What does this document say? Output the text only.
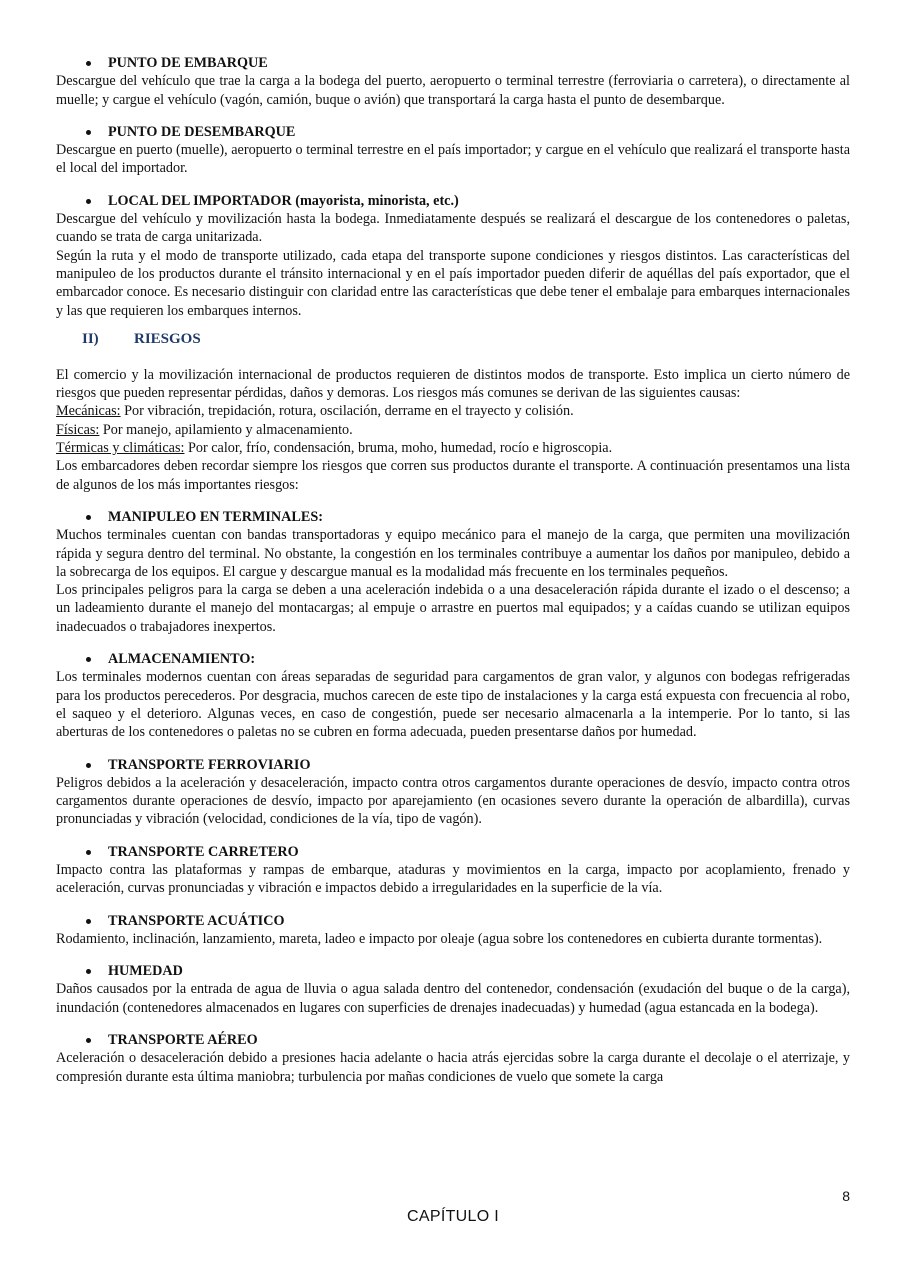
PUNTO DE EMBARQUE

Descargue del vehículo que trae la carga a la bodega del puerto, aeropuerto o terminal terrestre (ferroviaria o carretera), o directamente al muelle; y cargue el vehículo (vagón, camión, buque o avión) que transportará la carga hasta el punto de desembarque.

PUNTO DE DESEMBARQUE

Descargue en puerto (muelle), aeropuerto o terminal terrestre en el país importador; y cargue en el vehículo que realizará el transporte hasta el local del importador.

LOCAL DEL IMPORTADOR (mayorista, minorista, etc.)

Descargue del vehículo y movilización hasta la bodega. Inmediatamente después se realizará el descargue de los contenedores o paletas, cuando se trata de carga unitarizada.

Según la ruta y el modo de transporte utilizado, cada etapa del transporte supone condiciones y riesgos distintos. Las características del manipuleo de los productos durante el tránsito internacional y en el país importador pueden diferir de aquéllas del país exportador, que el embarcador conoce. Es necesario distinguir con claridad entre las características que debe tener el embalaje para embarques internacionales y las que requieren los embarques internos.

II)	RIESGOS

El comercio y la movilización internacional de productos requieren de distintos modos de transporte. Esto implica un cierto número de riesgos que pueden representar pérdidas, daños y demoras. Los riesgos más comunes se derivan de las siguientes causas:

Mecánicas: Por vibración, trepidación, rotura, oscilación, derrame en el trayecto y colisión.

Físicas: Por manejo, apilamiento y almacenamiento.

Térmicas y climáticas: Por calor, frío, condensación, bruma, moho, humedad, rocío e higroscopia.

Los embarcadores deben recordar siempre los riesgos que corren sus productos durante el transporte. A continuación presentamos una lista de algunos de los más importantes riesgos:

MANIPULEO EN TERMINALES:

Muchos terminales cuentan con bandas transportadoras y equipo mecánico para el manejo de la carga, que permiten una movilización rápida y segura dentro del terminal. No obstante, la congestión en los terminales contribuye a aumentar los daños por manipuleo, debido a la sobrecarga de los equipos. El cargue y descargue manual es la modalidad más frecuente en los terminales pequeños.

Los principales peligros para la carga se deben a una aceleración indebida o a una desaceleración rápida durante el izado o el descenso; a un ladeamiento durante el manejo del montacargas; al empuje o arrastre en puertos mal equipados; y a caídas cuando se utilizan equipos inadecuados o trabajadores inexpertos.

ALMACENAMIENTO:

Los terminales modernos cuentan con áreas separadas de seguridad para cargamentos de gran valor, y algunos con bodegas refrigeradas para los productos perecederos. Por desgracia, muchos carecen de este tipo de instalaciones y la carga está expuesta con frecuencia al robo, el saqueo y el deterioro. Algunas veces, en caso de congestión, puede ser necesario almacenarla a la intemperie. Por lo tanto, si las aberturas de los contenedores o paletas no se cubren en forma adecuada, pueden presentarse daños por humedad.

TRANSPORTE FERROVIARIO

Peligros debidos a la aceleración y desaceleración, impacto contra otros cargamentos durante operaciones de desvío, impacto contra otros cargamentos durante operaciones de desvío, impacto por aparejamiento (en ocasiones severo durante la operación de albardilla), curvas pronunciadas y vibración (velocidad, condiciones de la vía, tipo de vagón).

TRANSPORTE CARRETERO

Impacto contra las plataformas y rampas de embarque, ataduras y movimientos en la carga, impacto por acoplamiento, frenado y aceleración, curvas pronunciadas y vibración e impactos debido a irregularidades en la superficie de la vía.

TRANSPORTE ACUÁTICO

Rodamiento, inclinación, lanzamiento, mareta, ladeo e impacto por oleaje (agua sobre los contenedores en cubierta durante tormentas).

HUMEDAD

Daños causados por la entrada de agua de lluvia o agua salada dentro del contenedor, condensación (exudación del buque o de la carga), inundación (contenedores almacenados en lugares con superficies de drenajes inadecuadas) y humedad (agua estancada en la bodega).

TRANSPORTE AÉREO

Aceleración o desaceleración debido a presiones hacia adelante o hacia atrás ejercidas sobre la carga durante el decolaje o el aterrizaje, y compresión durante esta última maniobra; turbulencia por mañas condiciones de vuelo que somete la carga

8
CAPÍTULO I
